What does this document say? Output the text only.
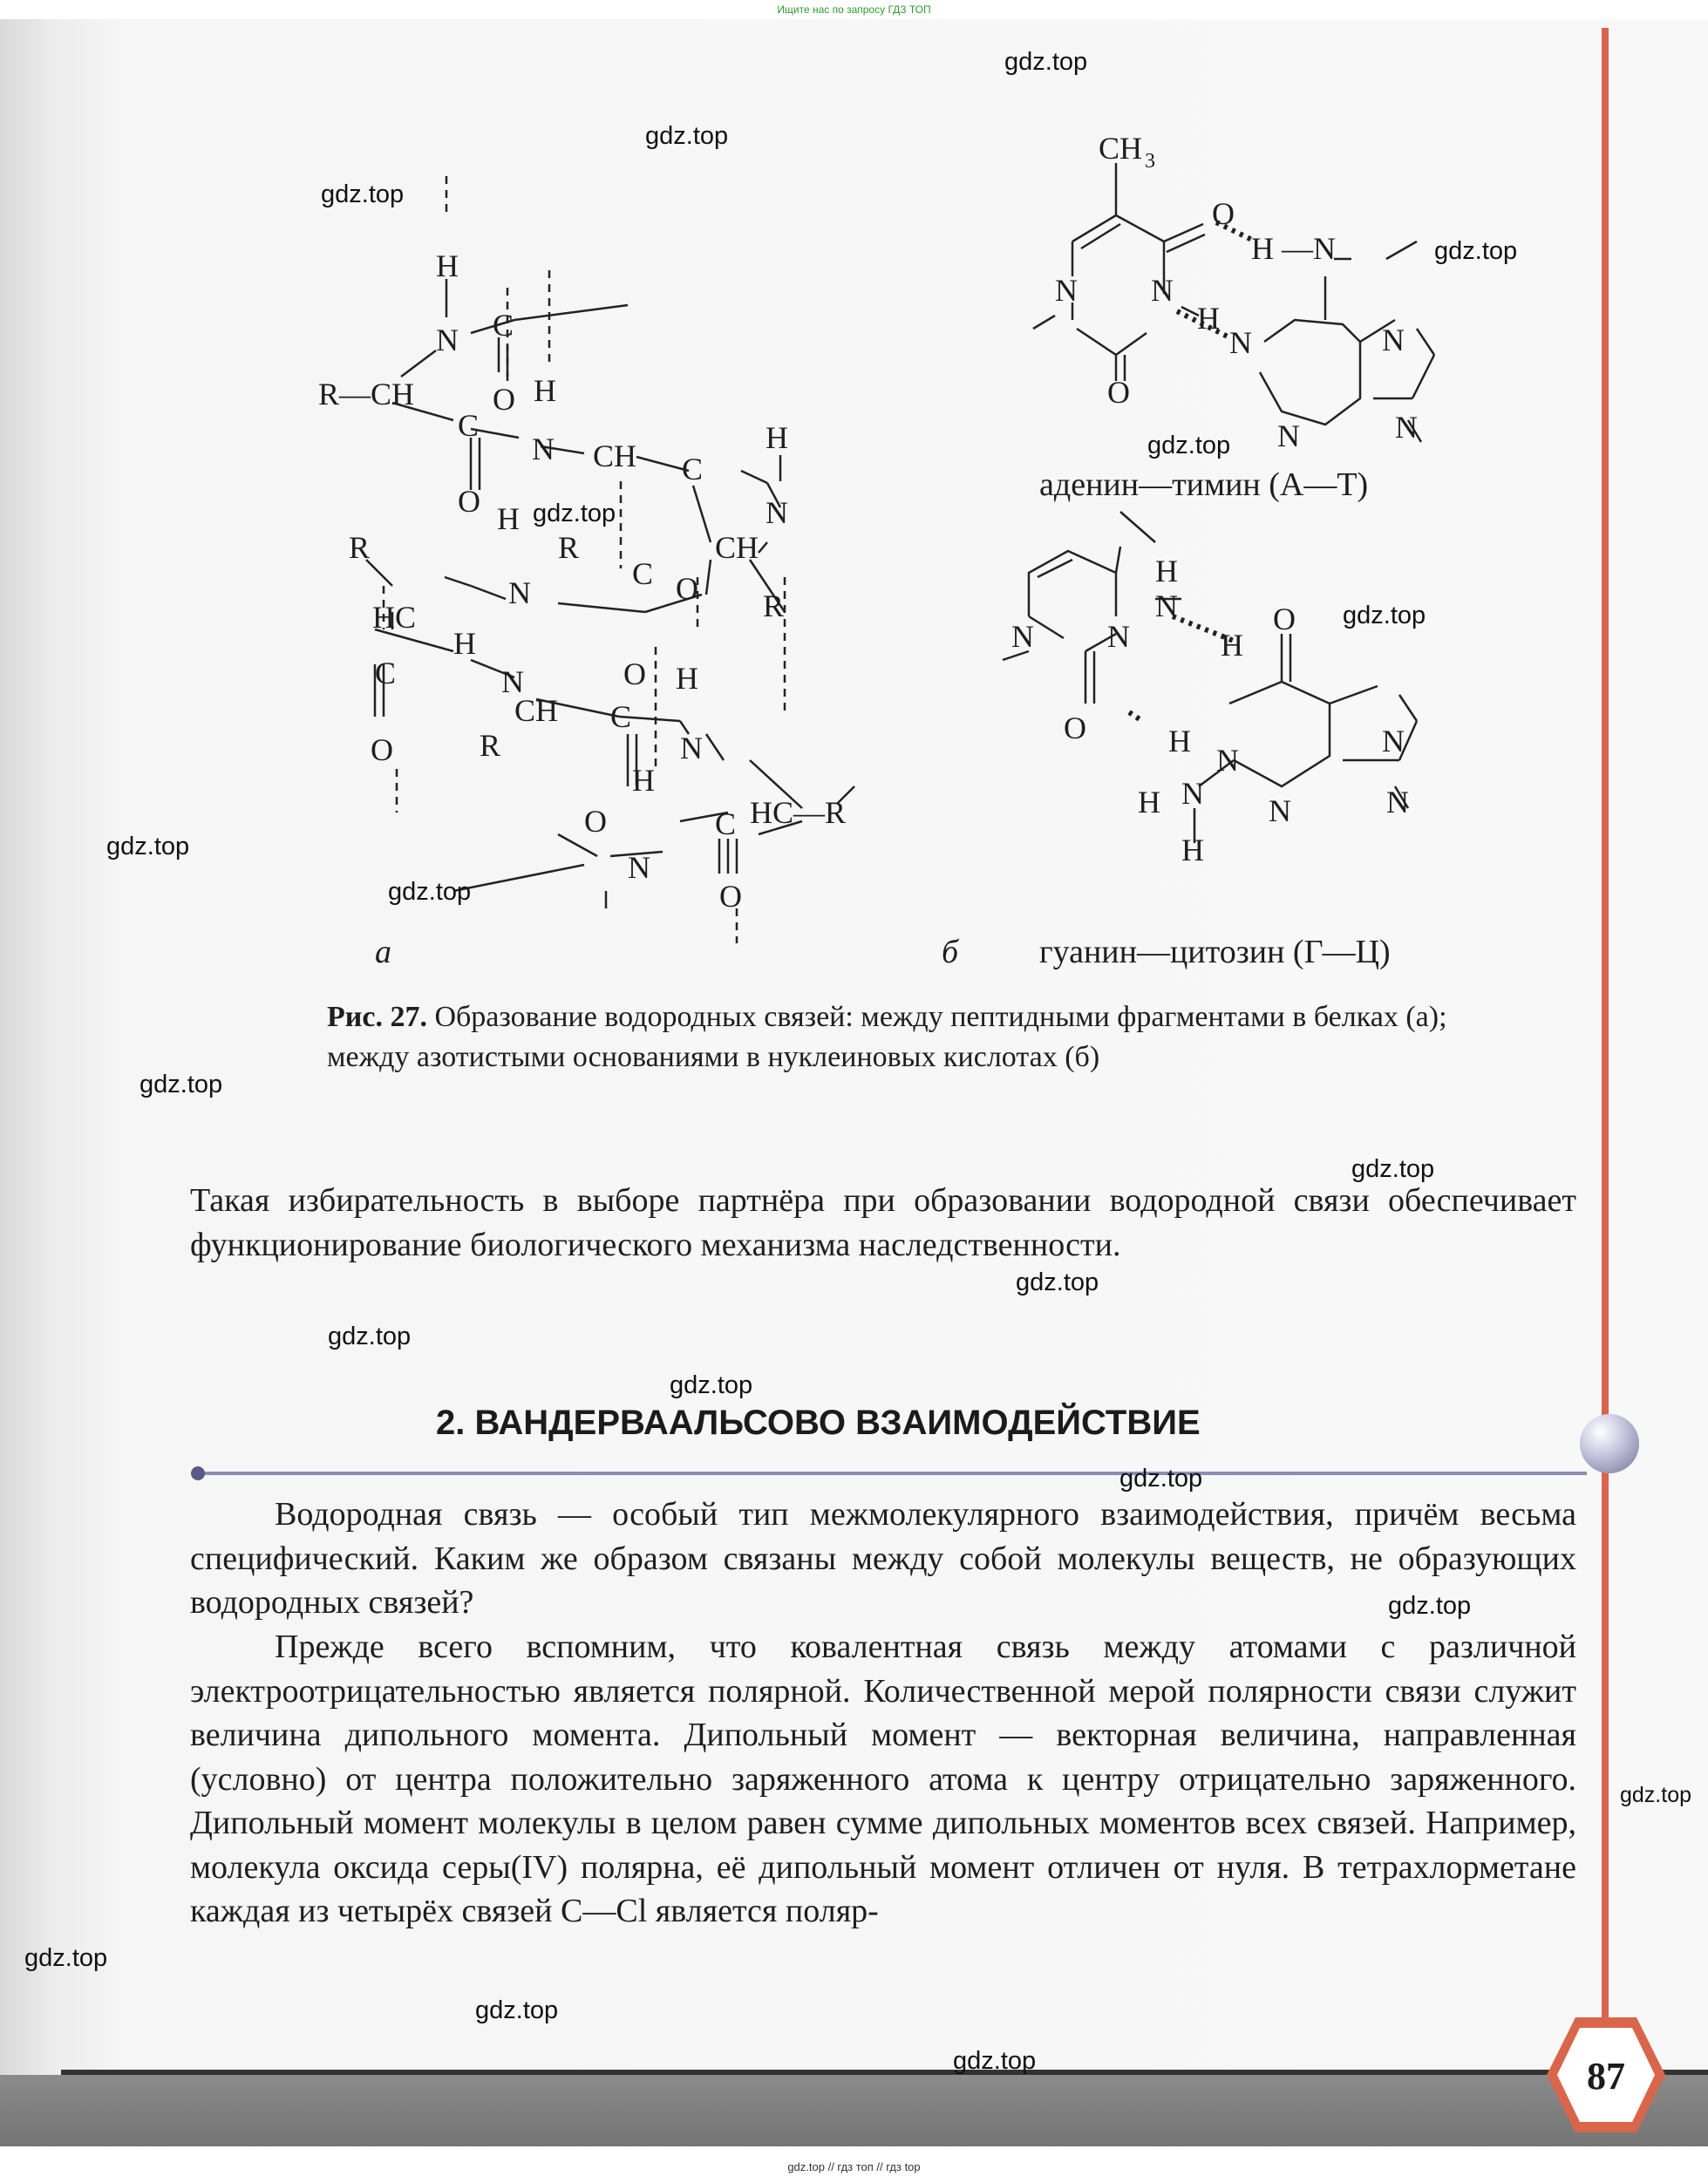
Ищите нас по запросу ГДЗ ТОП
H
N C
R—CH O H
C
N CH C
H
N
O H
R	CH
R
N
C O R
HC
H
C	N	O H
CH C
N
R
O
H
HC—R
O	C
N
O
CH 3
O
H —N
N N
H
N	N
O
N	N
H
N
H
O
N N
H
N
N
O
H N N	N
H
а	б
аденин—тимин (А—Т)
гуанин—цитозин (Г—Ц)
Рис. 27. Образование водородных связей: между пептидными фрагментами в белках (а); между азотистыми основаниями в нуклеиновых кислотах (б)
Такая избирательность в выборе партнёра при образовании водородной связи обеспечивает функционирование биологического механизма наследственности.
2. ВАНДЕРВААЛЬСОВО ВЗАИМОДЕЙСТВИЕ
Водородная связь — особый тип межмолекулярного взаимодействия, причём весьма специфический. Каким же образом связаны между собой молекулы веществ, не образующих водородных связей?
Прежде всего вспомним, что ковалентная связь между атомами с различной электроотрицательностью является полярной. Количественной мерой полярности связи служит величина дипольного момента. Дипольный момент — векторная величина, направленная (условно) от центра положительно заряженного атома к центру отрицательно заряженного. Дипольный момент молекулы в целом равен сумме дипольных моментов всех связей. Например, молекула оксида серы(IV) полярна, её дипольный момент отличен от нуля. В тетрахлорметане каждая из четырёх связей C—Cl является поляр-
87
gdz.top
gdz.top
gdz.top
gdz.top
gdz.top
gdz.top
gdz.top
gdz.top
gdz.top
gdz.top
gdz.top
gdz.top
gdz.top
gdz.top
gdz.top
gdz.top
gdz.top
gdz.top
gdz.top
gdz.top
gdz.top // гдз топ // гдз top
